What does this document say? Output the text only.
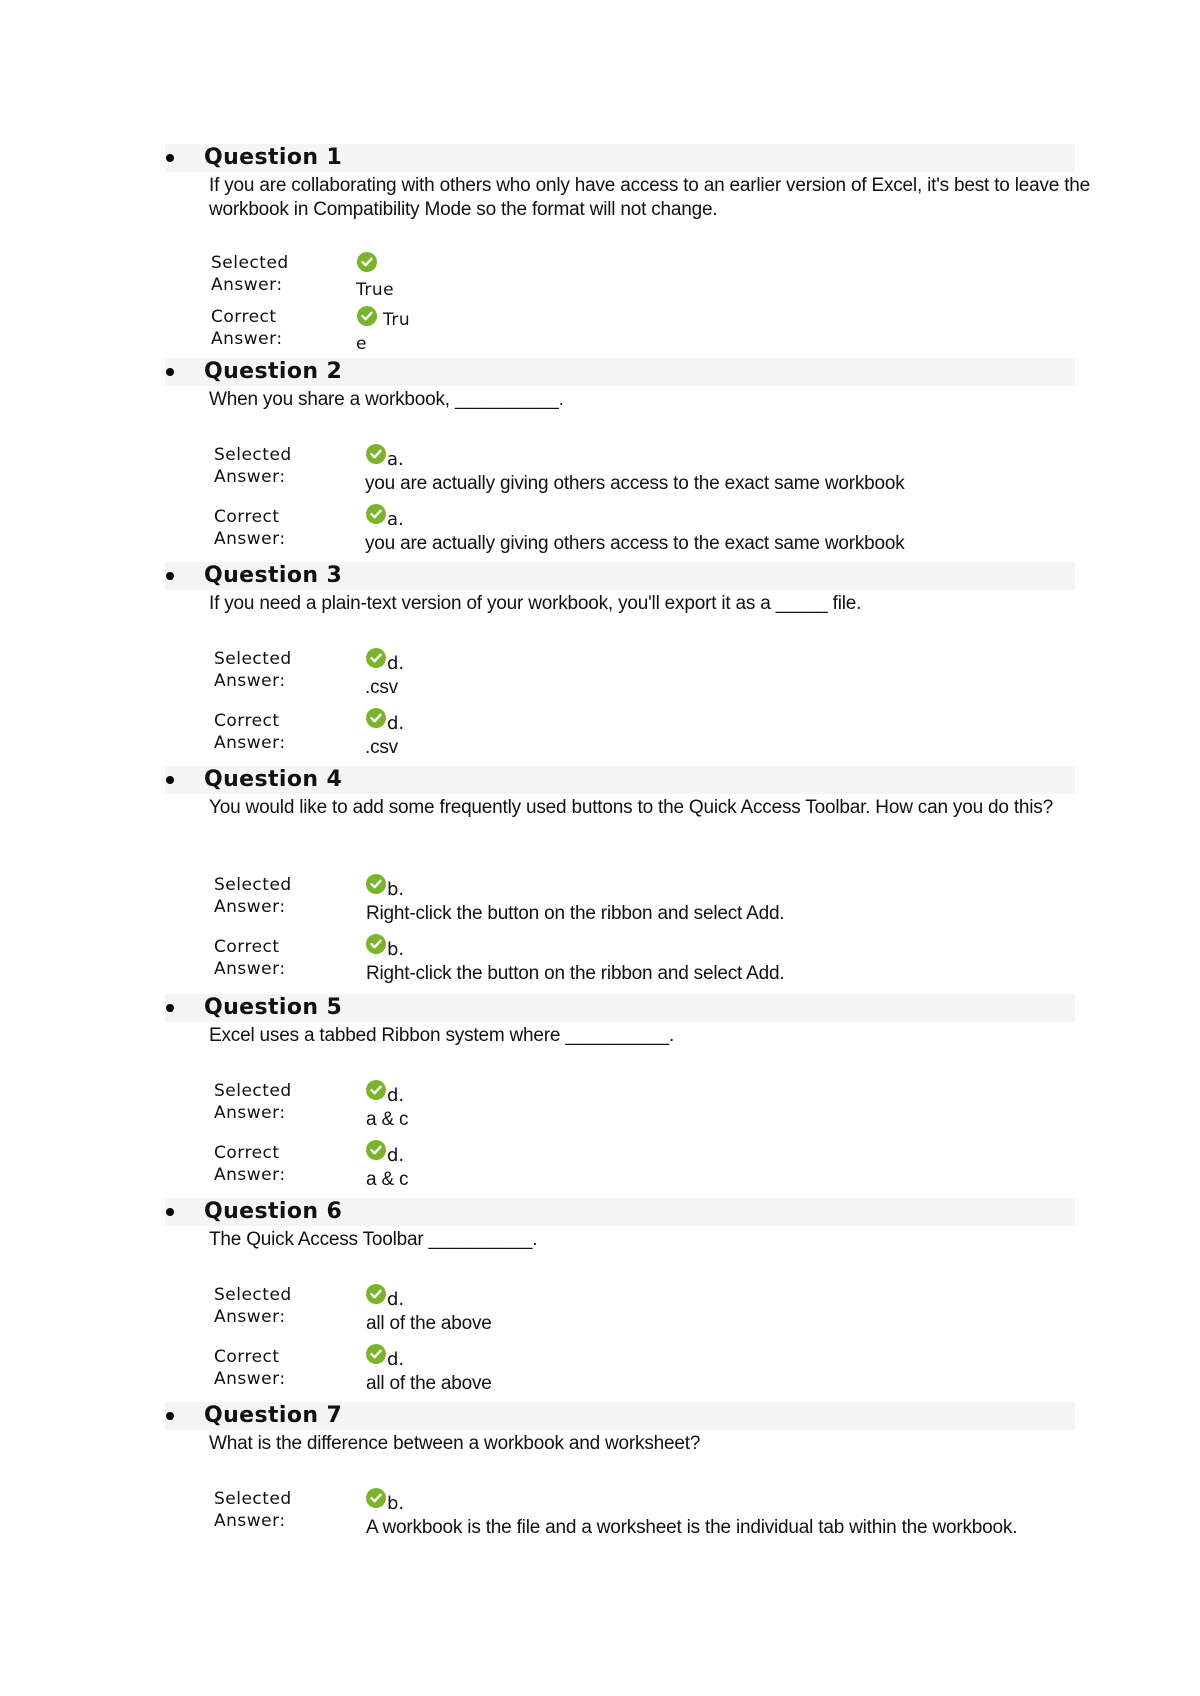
Question 1
If you are collaborating with others who only have access to an earlier version of Excel, it's best to leave the workbook in Compatibility Mode so the format will not change.
Selected
Answer:	True
Correct
Answer:
Tru
e
Question 2
When you share a workbook, __________.
Selected
Answer:
a.
you are actually giving others access to the exact same workbook
Correct
Answer:
a.
you are actually giving others access to the exact same workbook
Question 3
If you need a plain-text version of your workbook, you'll export it as a _____ file.
Selected
Answer:
d.
.csv
Correct
Answer:
d.
.csv
Question 4
You would like to add some frequently used buttons to the Quick Access Toolbar. How can you do this?
Selected
Answer:
b.
Right-click the button on the ribbon and select Add.
Correct
Answer:
b.
Right-click the button on the ribbon and select Add.
Question 5
Excel uses a tabbed Ribbon system where __________.
Selected
Answer:
d.
a & c
Correct
Answer:
d.
a & c
Question 6
The Quick Access Toolbar __________.
Selected
Answer:
d.
all of the above
Correct
Answer:
d.
all of the above
Question 7
What is the difference between a workbook and worksheet?
Selected
Answer:
b.
A workbook is the file and a worksheet is the individual tab within the workbook.
